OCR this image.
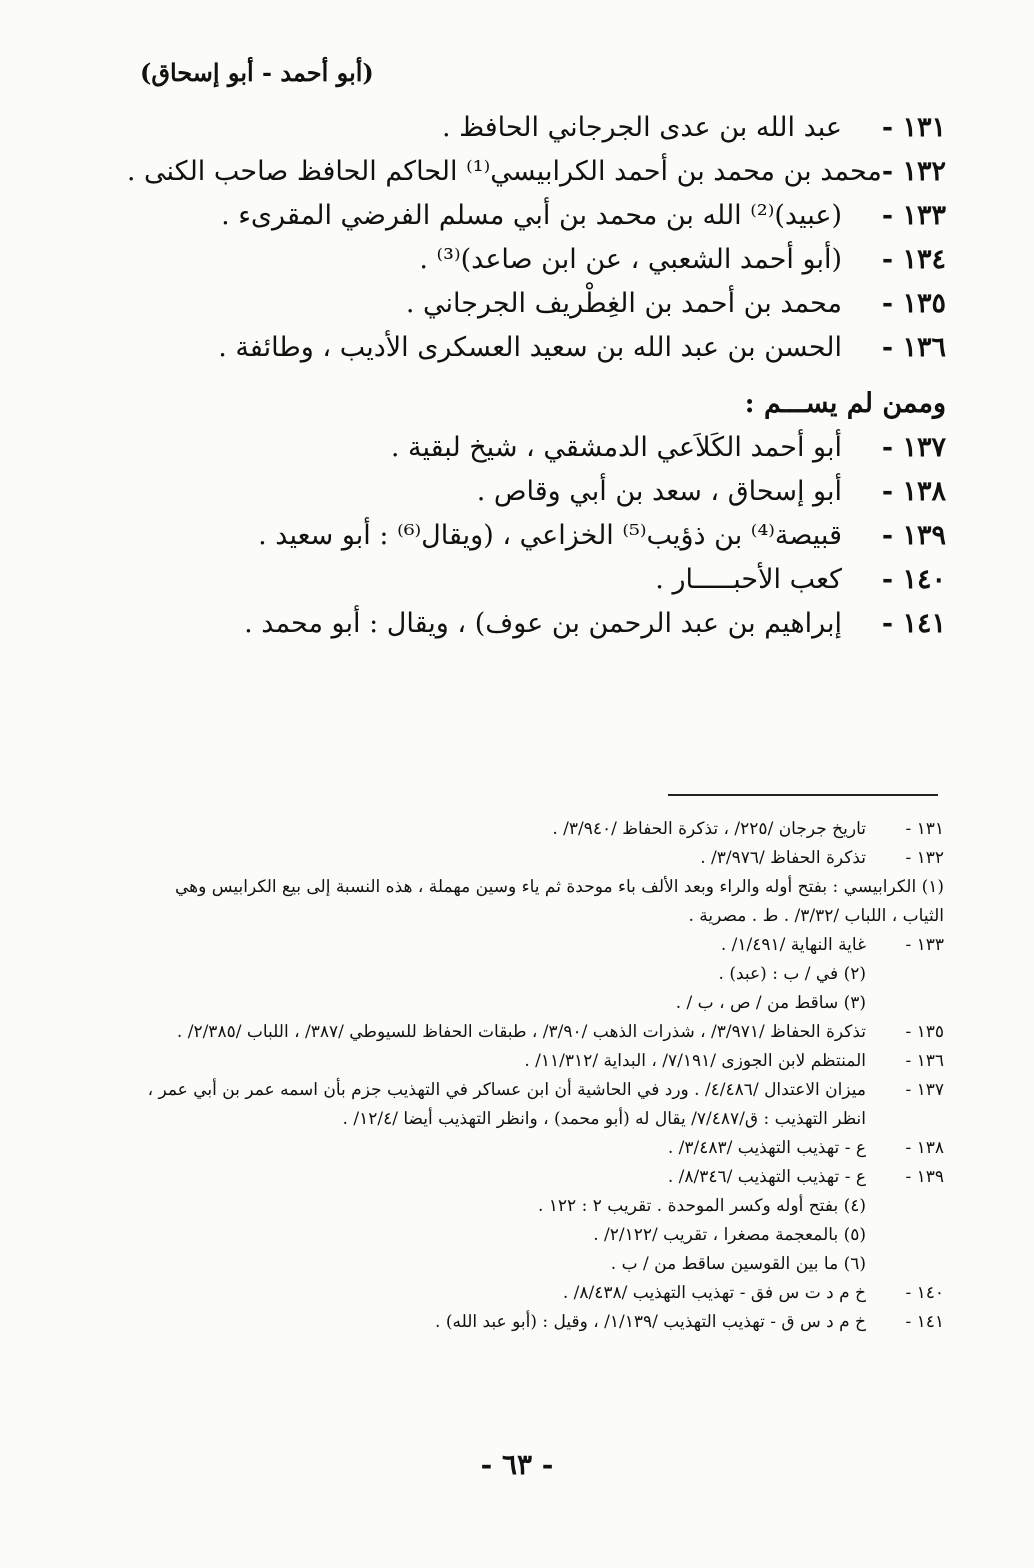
(أبو أحمد - أبو إسحاق)
١٣١ -
عبد الله بن عدى الجرجاني الحافظ .
١٣٢ -
محمد بن محمد بن أحمد الكرابيسي⁽¹⁾ الحاكم الحافظ صاحب الكنى .
١٣٣ -
(عبيد)⁽²⁾ الله بن محمد بن أبي مسلم الفرضي المقرىء .
١٣٤ -
(أبو أحمد الشعبي ، عن ابن صاعد)⁽³⁾ .
١٣٥ -
محمد بن أحمد بن الغِطْريف الجرجاني .
١٣٦ -
الحسن بن عبد الله بن سعيد العسكرى الأديب ، وطائفة .
وممن لم يســـم :
١٣٧ -
أبو أحمد الكَلاَعي الدمشقي ، شيخ لبقية .
١٣٨ -
أبو إسحاق ، سعد بن أبي وقاص .
١٣٩ -
قبيصة⁽⁴⁾ بن ذؤيب⁽⁵⁾ الخزاعي ، (ويقال⁽⁶⁾ : أبو سعيد .
١٤٠ -
كعب الأحبـــــار .
١٤١ -
إبراهيم بن عبد الرحمن بن عوف) ، ويقال : أبو محمد .
١٣١ -
تاريخ جرجان /٢٢٥/ ، تذكرة الحفاظ /٣/٩٤٠/ .
١٣٢ -
تذكرة الحفاظ /٣/٩٧٦/ .
(١) الكرابيسي : بفتح أوله والراء وبعد الألف باء موحدة ثم ياء وسين مهملة ، هذه النسبة إلى بيع الكرابيس وهي الثياب ، اللباب /٣/٣٢/ . ط . مصرية .
١٣٣ -
غاية النهاية /١/٤٩١/ .
(٢) في / ب : (عبد) .
(٣) ساقط من / ص ، ب / .
١٣٥ -
تذكرة الحفاظ /٣/٩٧١/ ، شذرات الذهب /٣/٩٠/ ، طبقات الحفاظ للسيوطي /٣٨٧/ ، اللباب /٢/٣٨٥/ .
١٣٦ -
المنتظم لابن الجوزى /٧/١٩١/ ، البداية /١١/٣١٢/ .
١٣٧ -
ميزان الاعتدال /٤/٤٨٦/ . ورد في الحاشية أن ابن عساكر في التهذيب جزم بأن اسمه عمر بن أبي عمر ، انظر التهذيب : ق/٧/٤٨٧/ يقال له (أبو محمد) ، وانظر التهذيب أيضا /١٢/٤/ .
١٣٨ -
ع - تهذيب التهذيب /٣/٤٨٣/ .
١٣٩ -
ع - تهذيب التهذيب /٨/٣٤٦/ .
(٤) بفتح أوله وكسر الموحدة . تقريب ٢ : ١٢٢ .
(٥) بالمعجمة مصغرا ، تقريب /٢/١٢٢/ .
(٦) ما بين القوسين ساقط من / ب .
١٤٠ -
خ م د ت س فق - تهذيب التهذيب /٨/٤٣٨/ .
١٤١ -
خ م د س ق - تهذيب التهذيب /١/١٣٩/ ، وقيل : (أبو عبد الله) .
- ٦٣ -
